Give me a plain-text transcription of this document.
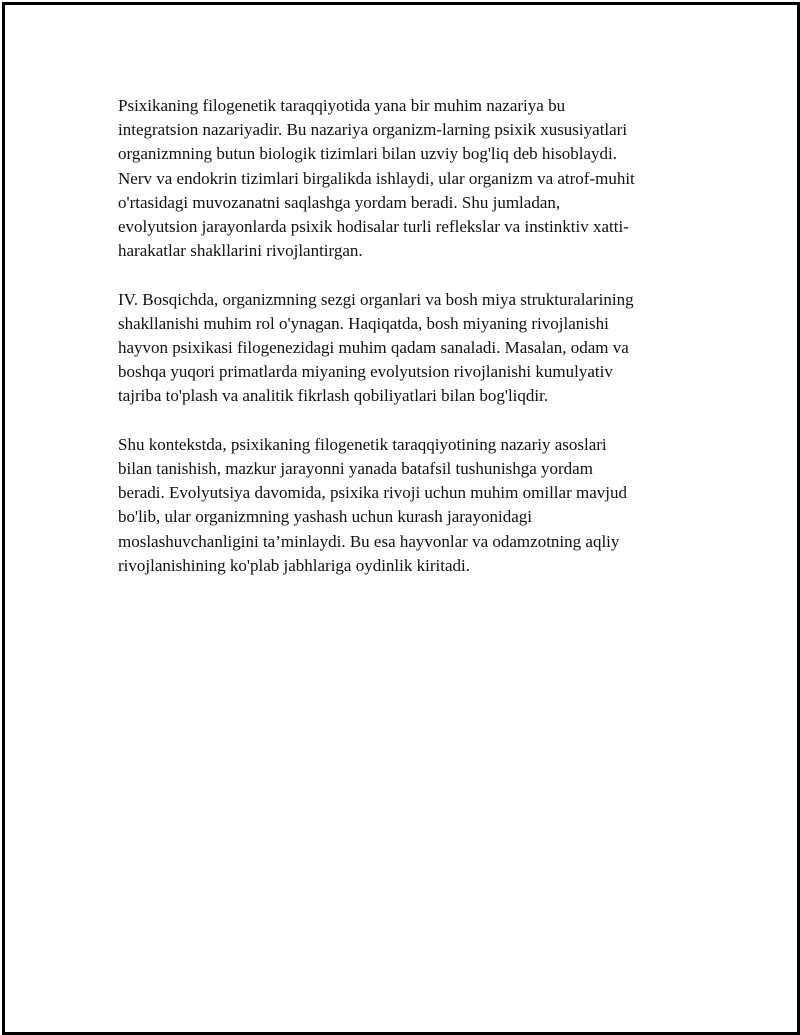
Psixikaning filogenetik taraqqiyotida yana bir muhim nazariya bu
integratsion nazariyadir. Bu nazariya organizm-larning psixik xususiyatlari
organizmning butun biologik tizimlari bilan uzviy bog'liq deb hisoblaydi.
Nerv va endokrin tizimlari birgalikda ishlaydi, ular organizm va atrof-muhit
o'rtasidagi muvozanatni saqlashga yordam beradi. Shu jumladan,
evolyutsion jarayonlarda psixik hodisalar turli reflekslar va instinktiv xatti-
harakatlar shakllarini rivojlantirgan.

IV. Bosqichda, organizmning sezgi organlari va bosh miya strukturalarining
shakllanishi muhim rol o'ynagan. Haqiqatda, bosh miyaning rivojlanishi
hayvon psixikasi filogenezidagi muhim qadam sanaladi. Masalan, odam va
boshqa yuqori primatlarda miyaning evolyutsion rivojlanishi kumulyativ
tajriba to'plash va analitik fikrlash qobiliyatlari bilan bog'liqdir.

Shu kontekstda, psixikaning filogenetik taraqqiyotining nazariy asoslari
bilan tanishish, mazkur jarayonni yanada batafsil tushunishga yordam
beradi. Evolyutsiya davomida, psixika rivoji uchun muhim omillar mavjud
bo'lib, ular organizmning yashash uchun kurash jarayonidagi
moslashuvchanligini ta’minlaydi. Bu esa hayvonlar va odamzotning aqliy
rivojlanishining ko'plab jabhlariga oydinlik kiritadi.
